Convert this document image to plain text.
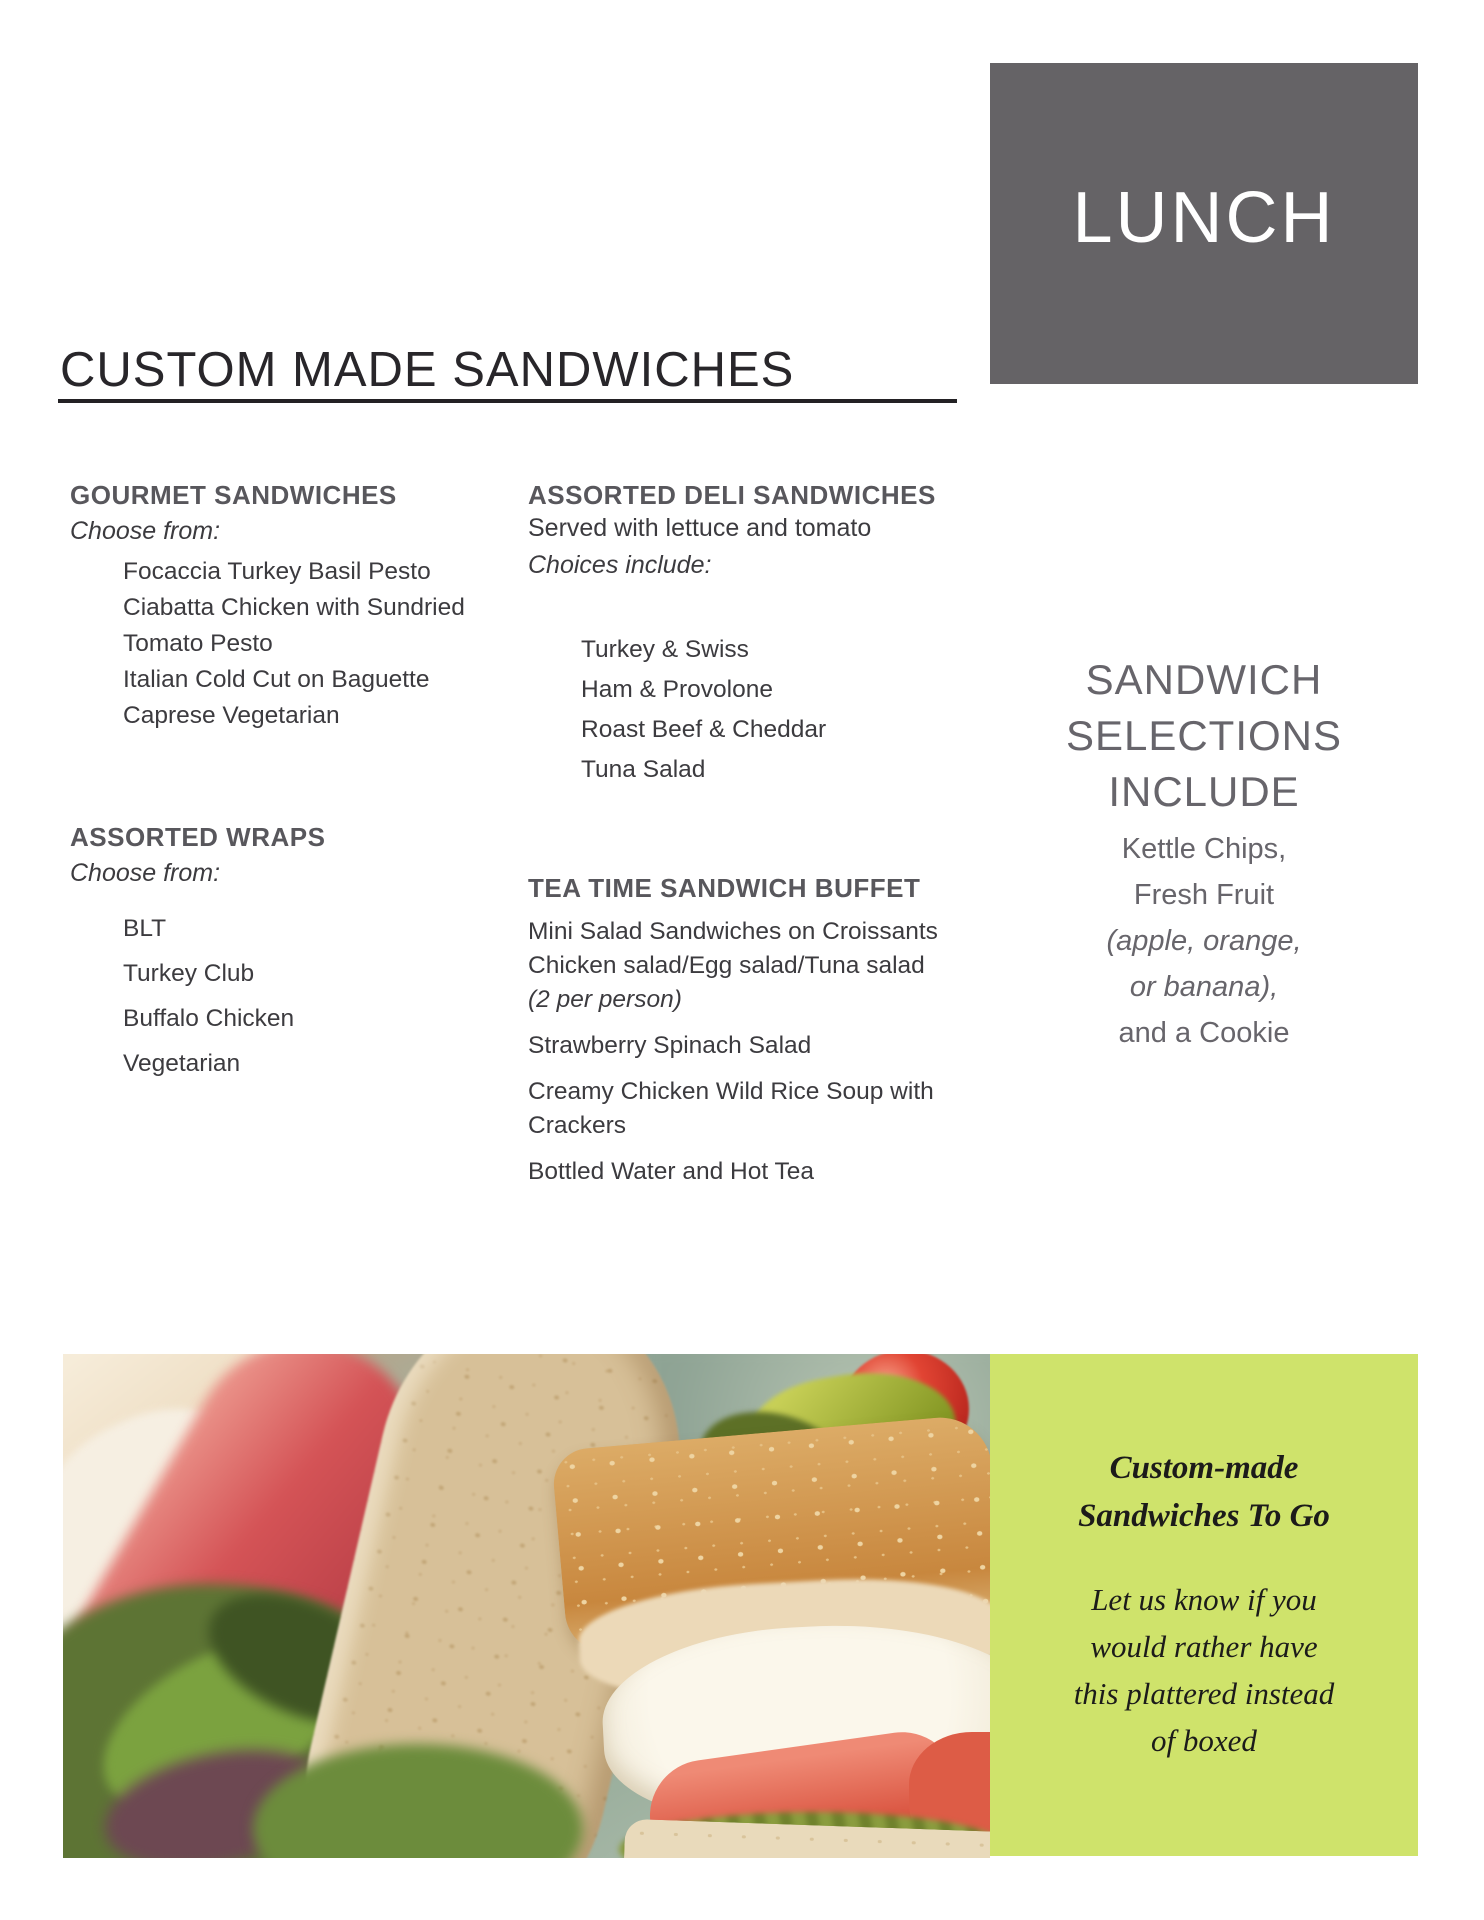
LUNCH
CUSTOM MADE SANDWICHES
GOURMET SANDWICHES
Choose from:
Focaccia Turkey Basil Pesto
Ciabatta Chicken with Sundried
Tomato Pesto
Italian Cold Cut on Baguette
Caprese Vegetarian
ASSORTED WRAPS
Choose from:
BLT
Turkey Club
Buffalo Chicken
Vegetarian
ASSORTED DELI SANDWICHES
Served with lettuce and tomato
Choices include:
Turkey & Swiss
Ham & Provolone
Roast Beef & Cheddar
Tuna Salad
TEA TIME SANDWICH BUFFET
Mini Salad Sandwiches on Croissants
Chicken salad/Egg salad/Tuna salad
(2 per person)
Strawberry Spinach Salad
Creamy Chicken Wild Rice Soup with
Crackers
Bottled Water and Hot Tea
SANDWICH
SELECTIONS
INCLUDE
Kettle Chips,
Fresh Fruit
(apple, orange,
or banana),
and a Cookie
Custom-made
Sandwiches To Go
Let us know if you
would rather have
this plattered instead
of boxed
